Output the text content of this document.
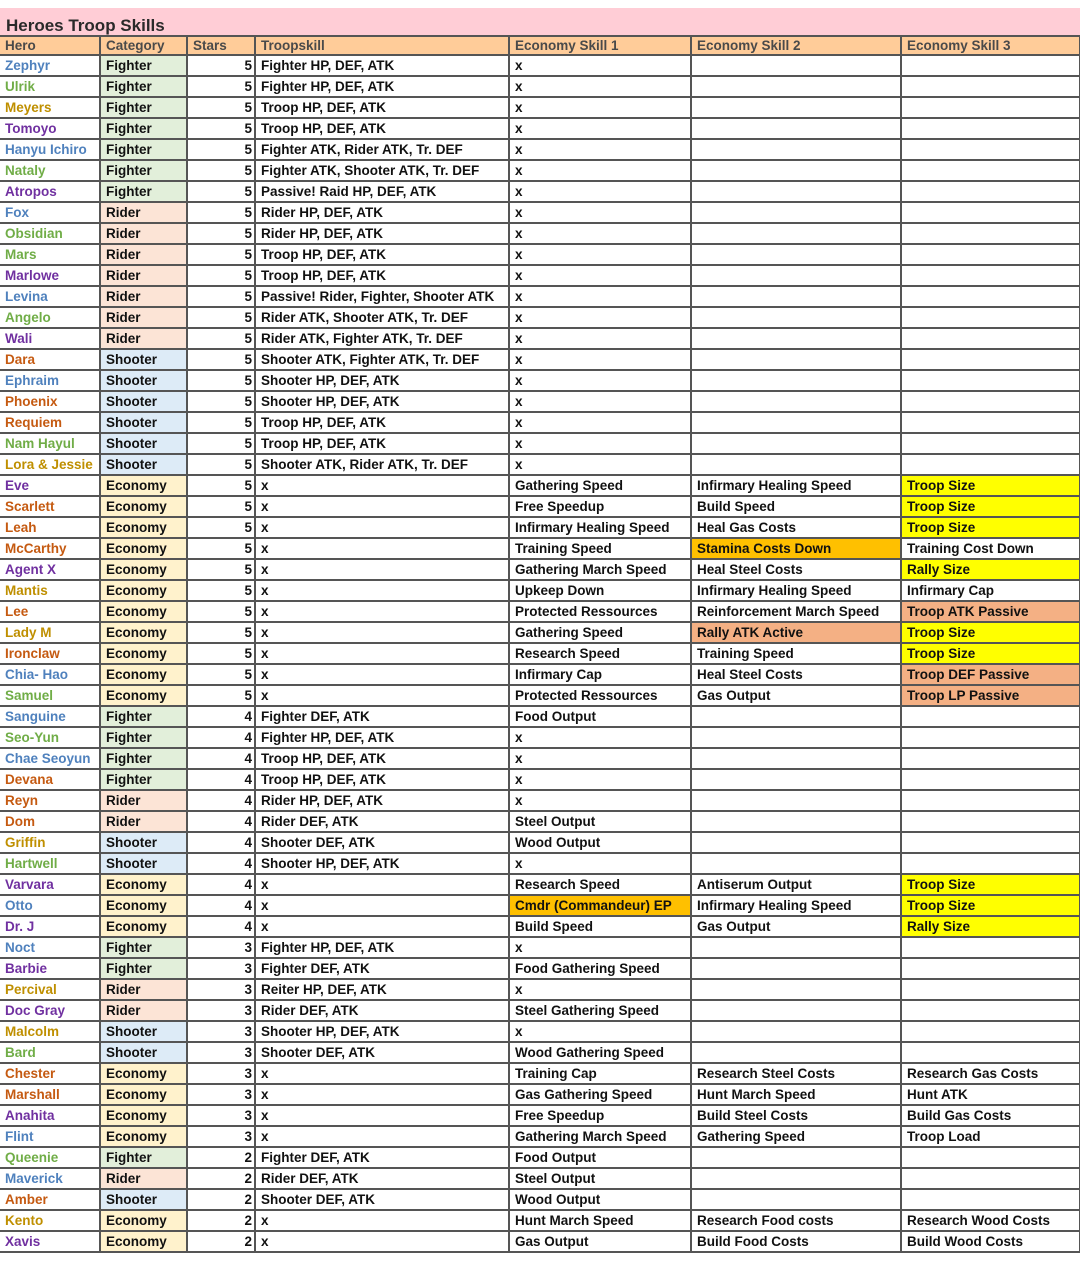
Heroes Troop Skills
Hero	Category	Stars	Troopskill	Economy Skill 1	Economy Skill 2	Economy Skill 3
Zephyr	Fighter	5	Fighter HP, DEF, ATK	x		
Ulrik	Fighter	5	Fighter HP, DEF, ATK	x		
Meyers	Fighter	5	Troop HP, DEF, ATK	x		
Tomoyo	Fighter	5	Troop HP, DEF, ATK	x		
Hanyu Ichiro	Fighter	5	Fighter ATK, Rider ATK, Tr. DEF	x		
Nataly	Fighter	5	Fighter ATK, Shooter ATK, Tr. DEF	x		
Atropos	Fighter	5	Passive! Raid HP, DEF, ATK	x		
Fox	Rider	5	Rider HP, DEF, ATK	x		
Obsidian	Rider	5	Rider HP, DEF, ATK	x		
Mars	Rider	5	Troop HP, DEF, ATK	x		
Marlowe	Rider	5	Troop HP, DEF, ATK	x		
Levina	Rider	5	Passive! Rider, Fighter, Shooter ATK	x		
Angelo	Rider	5	Rider ATK, Shooter ATK, Tr. DEF	x		
Wali	Rider	5	Rider ATK, Fighter ATK, Tr. DEF	x		
Dara	Shooter	5	Shooter ATK, Fighter ATK, Tr. DEF	x		
Ephraim	Shooter	5	Shooter HP, DEF, ATK	x		
Phoenix	Shooter	5	Shooter HP, DEF, ATK	x		
Requiem	Shooter	5	Troop HP, DEF, ATK	x		
Nam Hayul	Shooter	5	Troop HP, DEF, ATK	x		
Lora & Jessie	Shooter	5	Shooter ATK, Rider ATK, Tr. DEF	x		
Eve	Economy	5	x	Gathering Speed	Infirmary Healing Speed	Troop Size
Scarlett	Economy	5	x	Free Speedup	Build Speed	Troop Size
Leah	Economy	5	x	Infirmary Healing Speed	Heal Gas Costs	Troop Size
McCarthy	Economy	5	x	Training Speed	Stamina Costs Down	Training Cost Down
Agent X	Economy	5	x	Gathering March Speed	Heal Steel Costs	Rally Size
Mantis	Economy	5	x	Upkeep Down	Infirmary Healing Speed	Infirmary Cap
Lee	Economy	5	x	Protected Ressources	Reinforcement March Speed	Troop ATK Passive
Lady M	Economy	5	x	Gathering Speed	Rally ATK Active	Troop Size
Ironclaw	Economy	5	x	Research Speed	Training Speed	Troop Size
Chia- Hao	Economy	5	x	Infirmary Cap	Heal Steel Costs	Troop DEF Passive
Samuel	Economy	5	x	Protected Ressources	Gas Output	Troop LP Passive
Sanguine	Fighter	4	Fighter DEF, ATK	Food Output		
Seo-Yun	Fighter	4	Fighter HP, DEF, ATK	x		
Chae Seoyun	Fighter	4	Troop HP, DEF, ATK	x		
Devana	Fighter	4	Troop HP, DEF, ATK	x		
Reyn	Rider	4	Rider HP, DEF, ATK	x		
Dom	Rider	4	Rider DEF, ATK	Steel Output		
Griffin	Shooter	4	Shooter DEF, ATK	Wood Output		
Hartwell	Shooter	4	Shooter HP, DEF, ATK	x		
Varvara	Economy	4	x	Research Speed	Antiserum Output	Troop Size
Otto	Economy	4	x	Cmdr (Commandeur) EP	Infirmary Healing Speed	Troop Size
Dr. J	Economy	4	x	Build Speed	Gas Output	Rally Size
Noct	Fighter	3	Fighter HP, DEF, ATK	x		
Barbie	Fighter	3	Fighter DEF, ATK	Food Gathering Speed		
Percival	Rider	3	Reiter HP, DEF, ATK	x		
Doc Gray	Rider	3	Rider DEF, ATK	Steel Gathering Speed		
Malcolm	Shooter	3	Shooter HP, DEF, ATK	x		
Bard	Shooter	3	Shooter DEF, ATK	Wood Gathering Speed		
Chester	Economy	3	x	Training Cap	Research Steel Costs	Research Gas Costs
Marshall	Economy	3	x	Gas Gathering Speed	Hunt March Speed	Hunt ATK
Anahita	Economy	3	x	Free Speedup	Build Steel Costs	Build Gas Costs
Flint	Economy	3	x	Gathering March Speed	Gathering Speed	Troop Load
Queenie	Fighter	2	Fighter DEF, ATK	Food Output		
Maverick	Rider	2	Rider DEF, ATK	Steel Output		
Amber	Shooter	2	Shooter DEF, ATK	Wood Output		
Kento	Economy	2	x	Hunt March Speed	Research Food costs	Research Wood Costs
Xavis	Economy	2	x	Gas Output	Build Food Costs	Build Wood Costs
